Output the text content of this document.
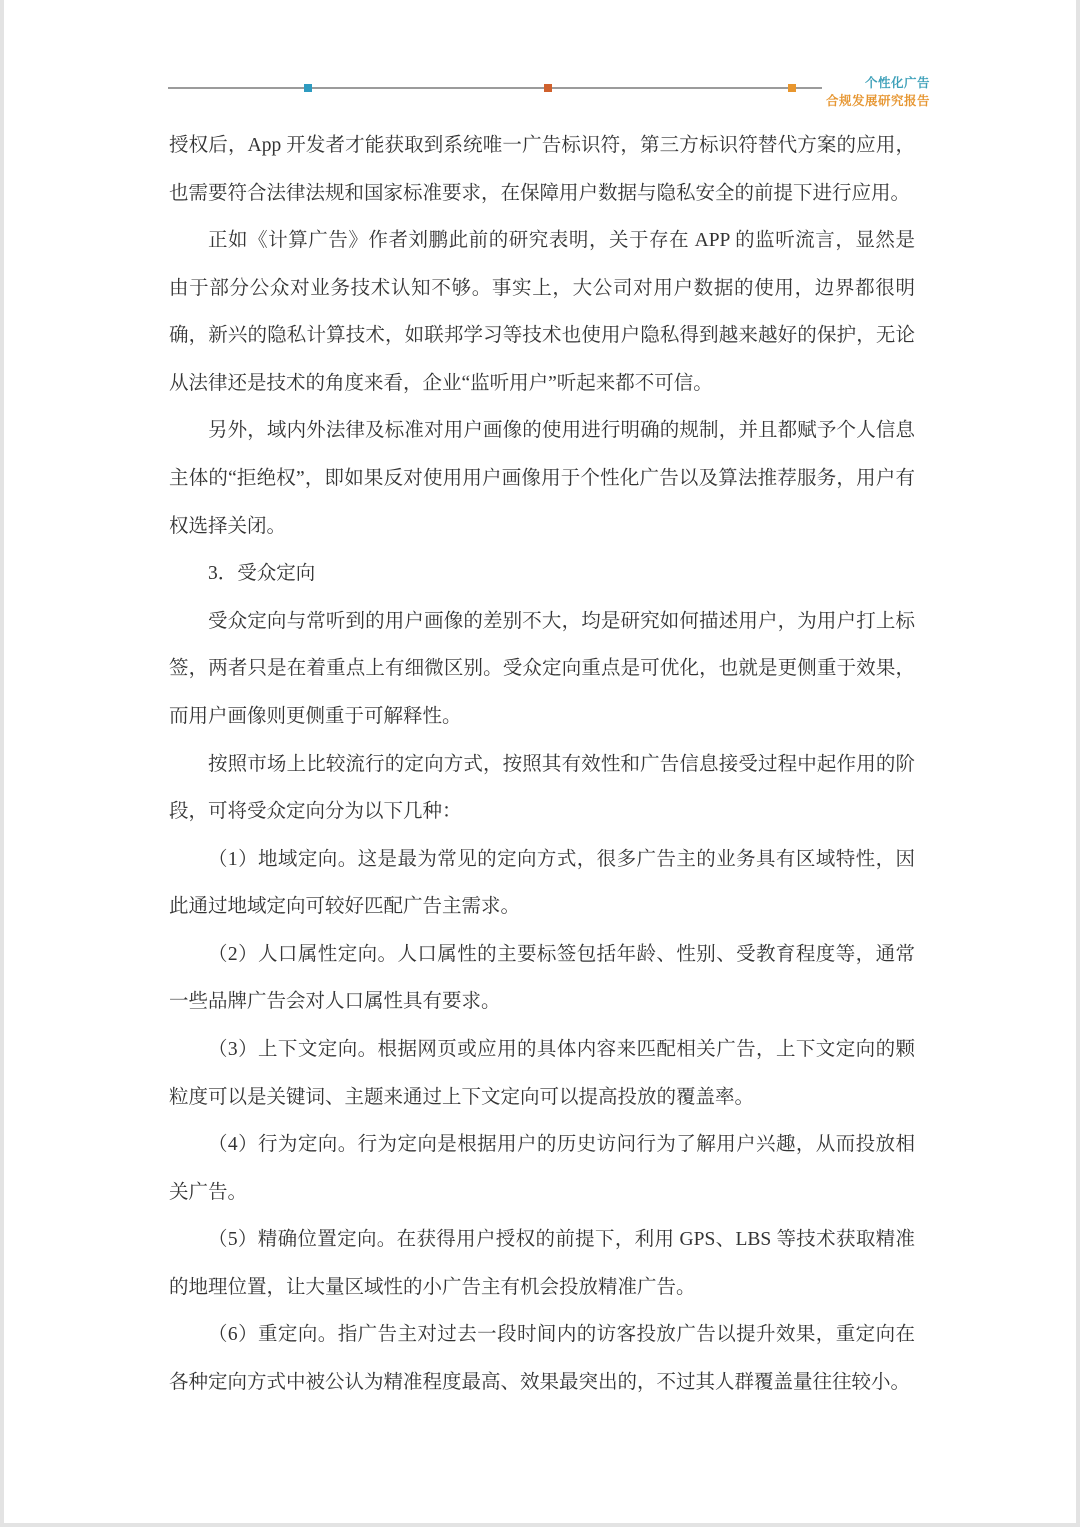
个性化广告
合规发展研究报告

授权后，App 开发者才能获取到系统唯一广告标识符，第三方标识符替代方案的应用，也需要符合法律法规和国家标准要求，在保障用户数据与隐私安全的前提下进行应用。

正如《计算广告》作者刘鹏此前的研究表明，关于存在 APP 的监听流言，显然是由于部分公众对业务技术认知不够。事实上，大公司对用户数据的使用，边界都很明确，新兴的隐私计算技术，如联邦学习等技术也使用户隐私得到越来越好的保护，无论从法律还是技术的角度来看，企业“监听用户”听起来都不可信。

另外，域内外法律及标准对用户画像的使用进行明确的规制，并且都赋予个人信息主体的“拒绝权”，即如果反对使用用户画像用于个性化广告以及算法推荐服务，用户有权选择关闭。

3．受众定向

受众定向与常听到的用户画像的差别不大，均是研究如何描述用户，为用户打上标签，两者只是在着重点上有细微区别。受众定向重点是可优化，也就是更侧重于效果，而用户画像则更侧重于可解释性。

按照市场上比较流行的定向方式，按照其有效性和广告信息接受过程中起作用的阶段，可将受众定向分为以下几种：

（1）地域定向。这是最为常见的定向方式，很多广告主的业务具有区域特性，因此通过地域定向可较好匹配广告主需求。

（2）人口属性定向。人口属性的主要标签包括年龄、性别、受教育程度等，通常一些品牌广告会对人口属性具有要求。

（3）上下文定向。根据网页或应用的具体内容来匹配相关广告，上下文定向的颗粒度可以是关键词、主题来通过上下文定向可以提高投放的覆盖率。

（4）行为定向。行为定向是根据用户的历史访问行为了解用户兴趣，从而投放相关广告。

（5）精确位置定向。在获得用户授权的前提下，利用 GPS、LBS 等技术获取精准的地理位置，让大量区域性的小广告主有机会投放精准广告。

（6）重定向。指广告主对过去一段时间内的访客投放广告以提升效果，重定向在各种定向方式中被公认为精准程度最高、效果最突出的，不过其人群覆盖量往往较小。
